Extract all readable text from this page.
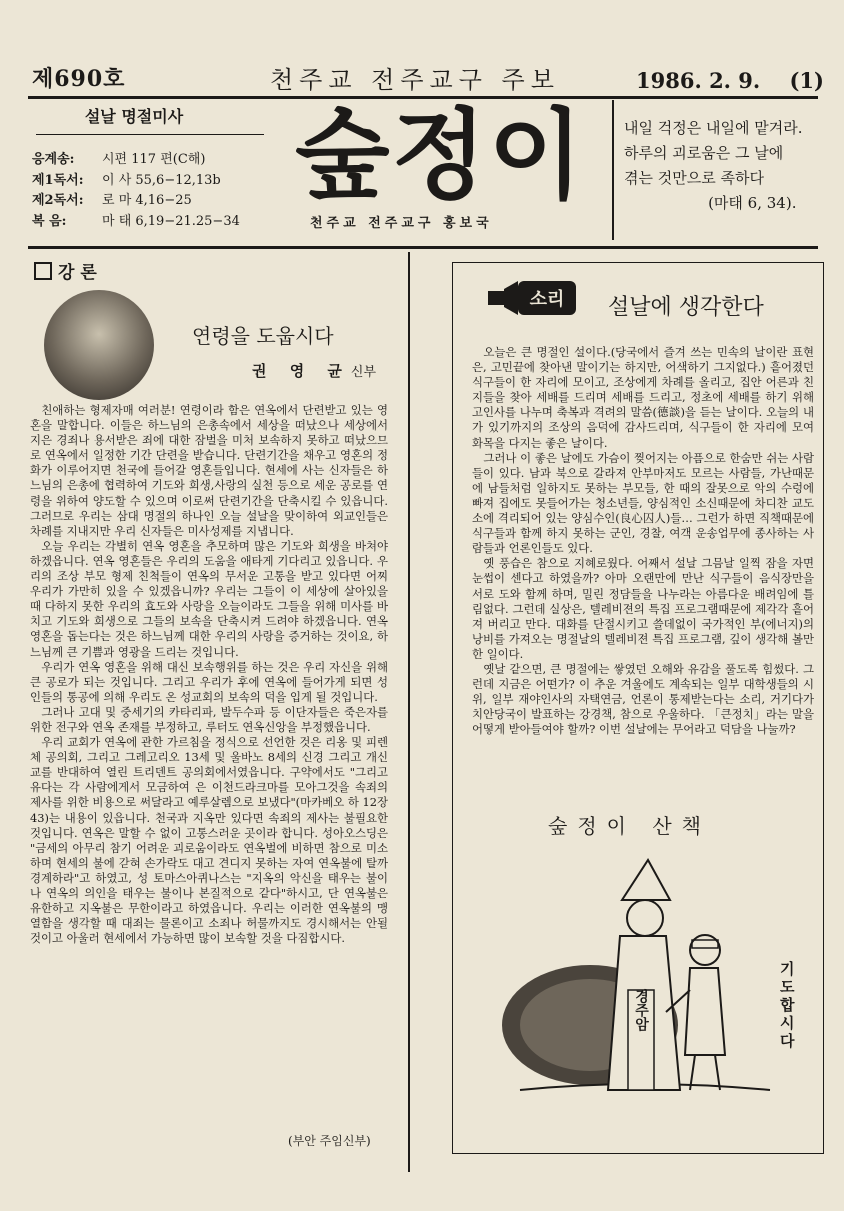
제690호	천주교 전주교구 주보	1986. 2. 9. (1)
설날 명절미사
응계송: 시편 117 편(C해)
제1독서: 이 사 55,6−12,13b
제2독서: 로 마 4,16−25
복 음:	마 태 6,19−21.25−34
숲정이
천주교 전주교구 홍보국
내일 걱정은 내일에 맡겨라.
하루의 괴로움은 그 날에
겪는 것만으로 족하다
(마태 6, 34).
강 론
연령을 도웁시다
권 영 균신부

친애하는 형제자매 여러분! 연령이라 함은 연옥에서 단련받고 있는 영혼을 말합니다. 이들은 하느님의 은총속에서 세상을 떠났으나 세상에서 지은 경죄나 용서받은 죄에 대한 잠벌을 미처 보속하지 못하고 떠났으므로 연옥에서 일정한 기간 단련을 받습니다. 단련기간을 채우고 영혼의 정화가 이루어지면 천국에 들어갈 영혼들입니다. 현세에 사는 신자들은 하느님의 은총에 협력하여 기도와 희생,사랑의 실천 등으로 세운 공로를 연령을 위하여 양도할 수 있으며 이로써 단련기간을 단축시킬 수 있읍니다. 그러므로 우리는 삼대 명절의 하나인 오늘 설날을 맞이하여 외교인들은 차례를 지내지만 우리 신자들은 미사성제를 지냅니다.

오늘 우리는 각별히 연옥 영혼을 추모하며 많은 기도와 희생을 바쳐야 하겠읍니다. 연옥 영혼들은 우리의 도움을 애타게 기다리고 있읍니다. 우리의 조상 부모 형제 친척들이 연옥의 무서운 고통을 받고 있다면 어찌 우리가 가만히 있을 수 있겠읍니까? 우리는 그들이 이 세상에 살아있을 때 다하지 못한 우리의 효도와 사랑을 오늘이라도 그들을 위해 미사를 바치고 기도와 희생으로 그들의 보속을 단축시켜 드려야 하겠읍니다. 연옥 영혼을 돕는다는 것은 하느님께 대한 우리의 사랑을 증거하는 것이요, 하느님께 큰 기쁨과 영광을 드리는 것입니다.

우리가 연옥 영혼을 위해 대신 보속행위를 하는 것은 우리 자신을 위해 큰 공로가 되는 것입니다. 그리고 우리가 후에 연옥에 들어가게 되면 성인들의 통공에 의해 우리도 온 성교회의 보속의 덕을 입게 될 것입니다.

그러나 고대 및 중세기의 카타리파, 발두수파 등 이단자들은 죽은자를 위한 전구와 연옥 존재를 부정하고, 루터도 연옥신앙을 부정했읍니다.

우리 교회가 연옥에 관한 가르침을 정식으로 선언한 것은 리옹 및 피렌체 공의회, 그리고 그레고리오 13세 및 울바노 8세의 신경 그리고 개신교를 반대하여 열린 트리덴트 공의회에서였읍니다. 구약에서도 "그리고 유다는 각 사람에게서 모금하여 은 이천드라크마를 모아그것을 속죄의 제사를 위한 비용으로 써달라고 예루살렘으로 보냈다"(마카베오 하 12장 43)는 내용이 있읍니다. 천국과 지옥만 있다면 속죄의 제사는 불필요한 것입니다. 연옥은 말할 수 없이 고통스러운 곳이라 합니다. 성아오스딩은 "금세의 아무리 참기 어려운 괴로움이라도 연옥벌에 비하면 참으로 미소하며 현세의 불에 갇혀 손가락도 대고 견디지 못하는 자여 연옥불에 탈까 경계하라"고 하였고, 성 토마스아퀴나스는 "지옥의 악신을 태우는 불이나 연옥의 의인을 태우는 불이나 본질적으로 같다"하시고, 단 연옥불은 유한하고 지옥불은 무한이라고 하였읍니다. 우리는 이러한 연옥불의 맹열함을 생각할 때 대죄는 물론이고 소죄나 허물까지도 경시해서는 안될 것이고 아울러 현세에서 가능하면 많이 보속할 것을 다짐합시다.

(부안 주임신부)
소리 설날에 생각한다

오늘은 큰 명절인 설이다.(당국에서 즐겨 쓰는 민속의 날이란 표현은, 고민끝에 찾아낸 말이기는 하지만, 어색하기 그지없다.) 흩어졌던 식구들이 한 자리에 모이고, 조상에게 차례를 올리고, 집안 어른과 친지들을 찾아 세배를 드리며 세배를 드리고, 정초에 세배를 하기 위해 고인사를 나누며 축복과 격려의 말씀(德談)을 듣는 날이다. 오늘의 내가 있기까지의 조상의 음덕에 감사드리며, 식구들이 한 자리에 모여 화목을 다지는 좋은 날이다.

그러나 이 좋은 날에도 가슴이 찢어지는 아픔으로 한숨만 쉬는 사람들이 있다. 남과 북으로 갈라져 안부마저도 모르는 사람들, 가난때문에 남들처럼 일하지도 못하는 부모들, 한 때의 잘못으로 악의 수렁에 빠져 집에도 못들어가는 청소년들, 양심적인 소신때문에 차디찬 교도소에 격리되어 있는 양심수인(良心囚人)들… 그런가 하면 직책때문에 식구들과 함께 하지 못하는 군인, 경찰, 여객 운송업무에 종사하는 사람들과 언론인들도 있다.

옛 풍습은 참으로 지혜로웠다. 어째서 설날 그믐날 일찍 잠을 자면 눈썹이 센다고 하였을까? 아마 오랜만에 만난 식구들이 음식장만을 서로 도와 함께 하며, 밀린 정담들을 나누라는 아름다운 배려임에 틀림없다. 그런데 실상은, 텔레비젼의 특집 프로그램때문에 제각각 흩어져 버리고 만다. 대화를 단절시키고 쓸데없이 국가적인 부(에너지)의 낭비를 가져오는 명절날의 텔레비젼 특집 프로그램, 깊이 생각해 볼만한 일이다.

옛날 같으면, 큰 명절에는 쌓였던 오해와 유감을 풀도록 힘썼다. 그런데 지금은 어떤가? 이 추운 겨울에도 계속되는 일부 대학생들의 시위, 일부 재야인사의 자택연금, 언론이 통제받는다는 소리, 거기다가 치안당국이 발표하는 강경책, 참으로 우울하다. 「큰정치」라는 말을 어떻게 받아들여야 할까? 이번 설날에는 무어라고 덕담을 나눌까?

숲정이 산책
경주암
기도합시다
